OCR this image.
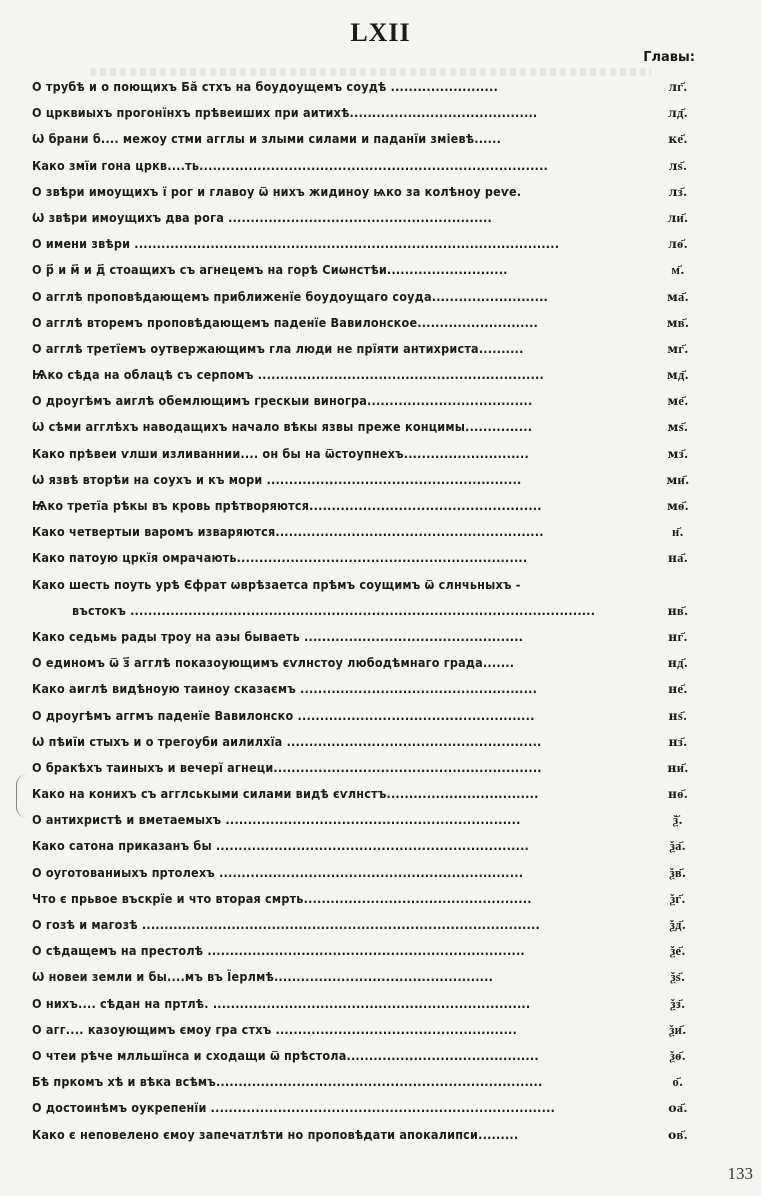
LXII
Главы:
О трубѣ и о поющихъ Бӑ стхъ на боудоущемъ соудѣ ........................	лг҃.
О црквиыхъ прогонїнхъ прѣвеиших при аитихѣ..........................................	лд҃.
Ѡ брани б.... межоу стми агглы и злыми силами и паданїи зміевѣ......	ке҃.
Како змїи гона цркв....ть..............................................................................	лѕ҃.
О звѣри имоущихъ ї рог и главоу ѿ ниxъ жидиноу ѩко за колѣноу реѵе.	лз҃.
Ѡ звѣри имоущихъ два рога ...........................................................	ли҃.
О имени звѣри ...............................................................................................	лѳ҃.
О р҃ и м҃ и д҃ стоащихъ съ агнецемъ на горѣ Сиѡнстѣи...........................	м҃.
О агглѣ проповѣдающемъ приближенїе боудоущаго соуда..........................	ма҃.
О агглѣ вторемъ проповѣдающемъ паденїе Вавилонское...........................	мв҃.
О агглѣ третїемъ оутвержающимъ гла люди не прїяти антихриста..........	мг҃.
Ѩко сѣда на облацѣ съ серпомъ ................................................................	мд҃.
О дроугѣмъ аиглѣ обемлющимъ грескыи виногра.....................................	ме҃.
Ѡ сѣми агглѣхъ наводащихъ начало вѣкы язвы преже концимы...............	мѕ҃.
Како прѣвеи ѵлши изливаннии.... он бы на ѿстоупнехъ............................	мз҃.
Ѡ язвѣ вторѣи на соухъ и къ мори .........................................................	ми҃.
Ѩко третїа рѣкы въ кровь прѣтворяются....................................................	мѳ҃.
Како четвертыи варомъ изваряются............................................................	н҃.
Како патоую цркїя омрачають.................................................................	на҃.
Како шесть поуть урѣ Єфрат ѡврѣзаетса прѣмъ соущимъ ѿ слнчьныхъ -
въстокъ ........................................................................................................	нв҃.
Како седьмь рады троу на аэы бываеть .................................................	нг҃.
О единомъ ѿ з҃ агглѣ показоующимъ єѵлнстоу любодѣмнаго града.......	нд҃.
Како аиглѣ видѣноую таиноу сказаємъ .....................................................	не҃.
О дроугѣмъ аггмъ паденїе Вавилонско .....................................................	нѕ҃.
Ѡ пѣиїи стыхъ и о трегоуби аилилхїа .........................................................	нз҃.
О бракѣхъ таиныхъ и вечерї агнеци............................................................	ни҃.
Како на конихъ съ агглськыми силами видѣ єѵлнстъ..................................	нѳ҃.
О антихристѣ и вметаемыхъ ..................................................................	ѯ҃.
Како сатона приказанъ бы ......................................................................	ѯа҃.
О оуготованиыхъ пртолехъ ....................................................................	ѯв҃.
Что є прьвое въскрїе и что вторая смрть...................................................	ѯг҃.
О гозѣ и магозѣ .........................................................................................	ѯд҃.
О сѣдащемъ на престолѣ .......................................................................	ѯе҃.
Ѡ новеи земли и бы....мъ въ Їерлмѣ.................................................	ѯѕ҃.
О нихъ.... сѣдан на пртлѣ. .......................................................................	ѯз҃.
О агг.... казоующимъ ємоу гра стхъ ......................................................	ѯи҃.
О чтеи рѣче млльшїнса и сходащи ѿ прѣстола...........................................	ѯѳ҃.
Бѣ пркомъ хѣ и вѣка всѣмъ.........................................................................	о҃.
О достоинѣмъ оукрепенїи .............................................................................	оа҃.
Како є неповелено ємоу запечатлѣти но проповѣдати апокалипси.........	ов҃.
133
